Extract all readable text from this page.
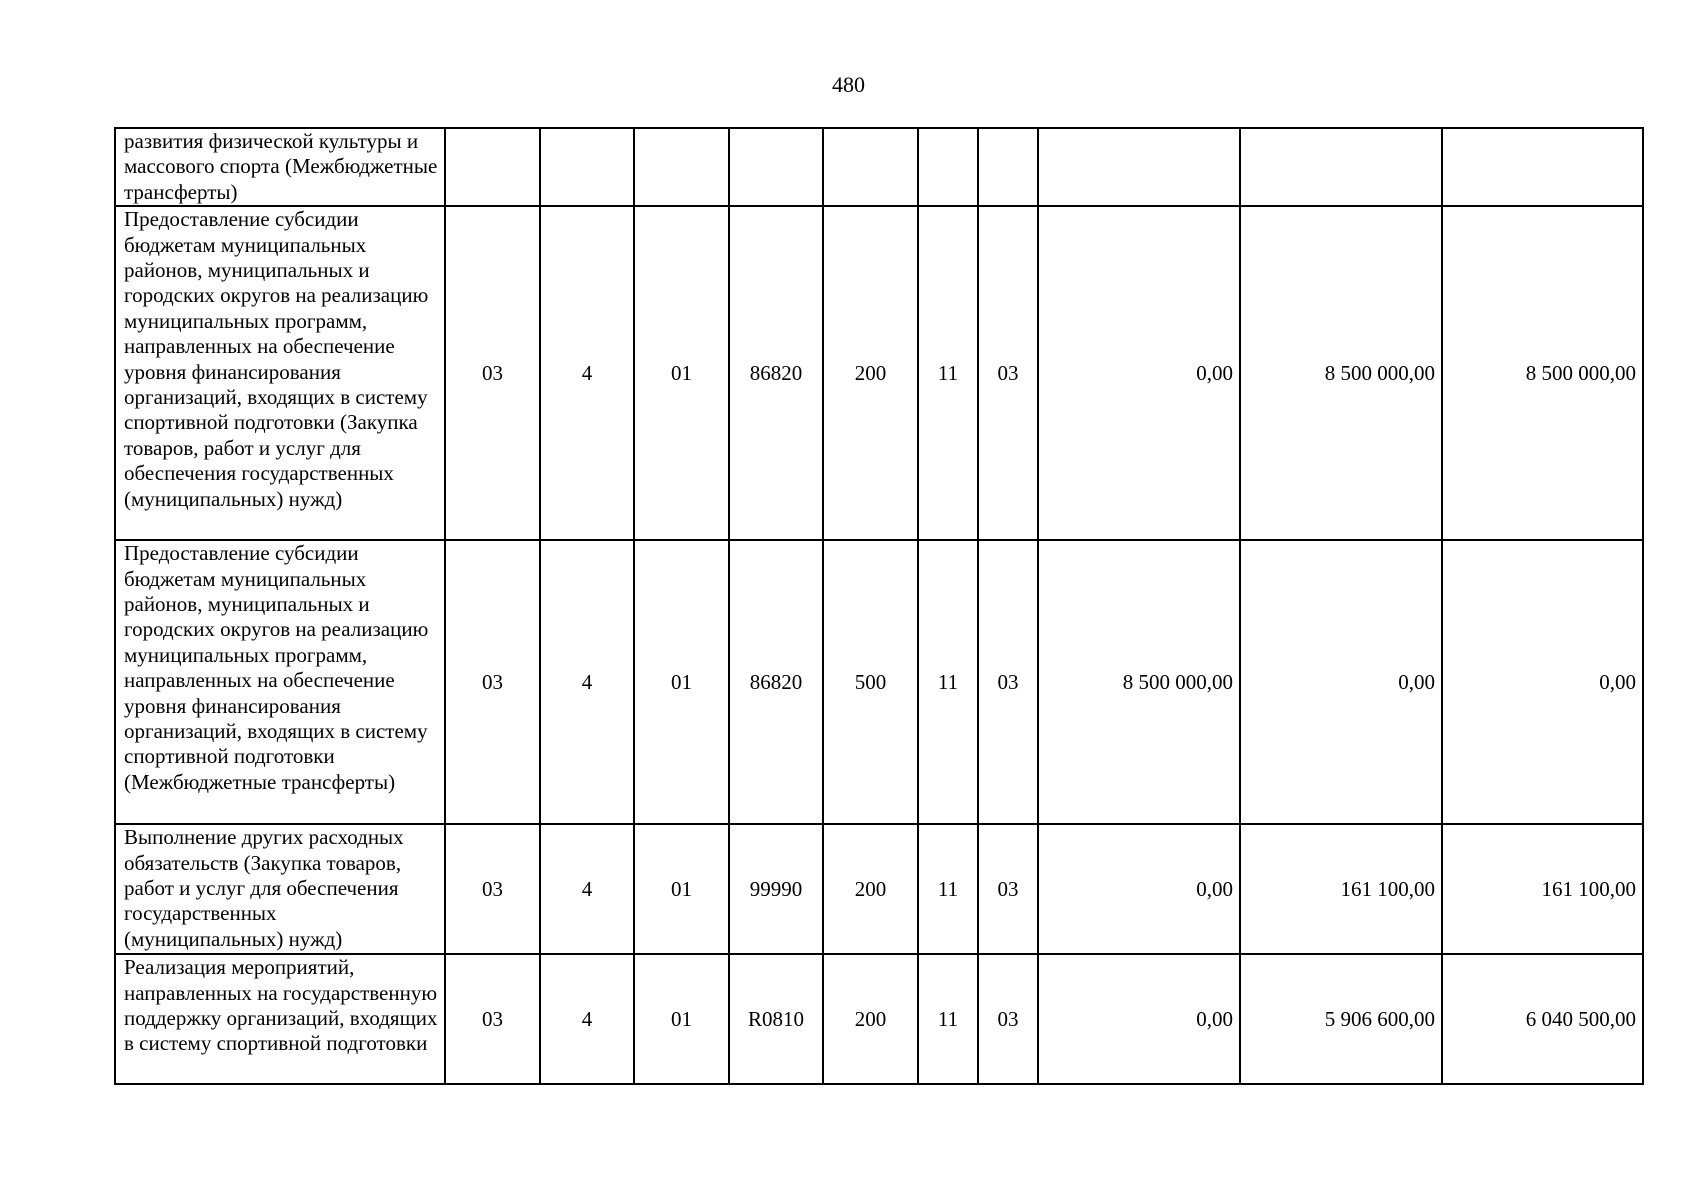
480
развития физической культуры и массового спорта (Межбюджетные трансферты)										
Предоставление субсидии бюджетам муниципальных районов, муниципальных и городских округов на реализацию муниципальных программ, направленных на обеспечение уровня финансирования организаций, входящих в систему спортивной подготовки (Закупка товаров, работ и услуг для обеспечения государственных (муниципальных) нужд)	03	4	01	86820	200	11	03	0,00	8 500 000,00	8 500 000,00
Предоставление субсидии бюджетам муниципальных районов, муниципальных и городских округов на реализацию муниципальных программ, направленных на обеспечение уровня финансирования организаций, входящих в систему спортивной подготовки (Межбюджетные трансферты)	03	4	01	86820	500	11	03	8 500 000,00	0,00	0,00
Выполнение других расходных обязательств (Закупка товаров, работ и услуг для обеспечения государственных (муниципальных) нужд)	03	4	01	99990	200	11	03	0,00	161 100,00	161 100,00
Реализация мероприятий, направленных на государственную поддержку организаций, входящих в систему спортивной подготовки	03	4	01	R0810	200	11	03	0,00	5 906 600,00	6 040 500,00
